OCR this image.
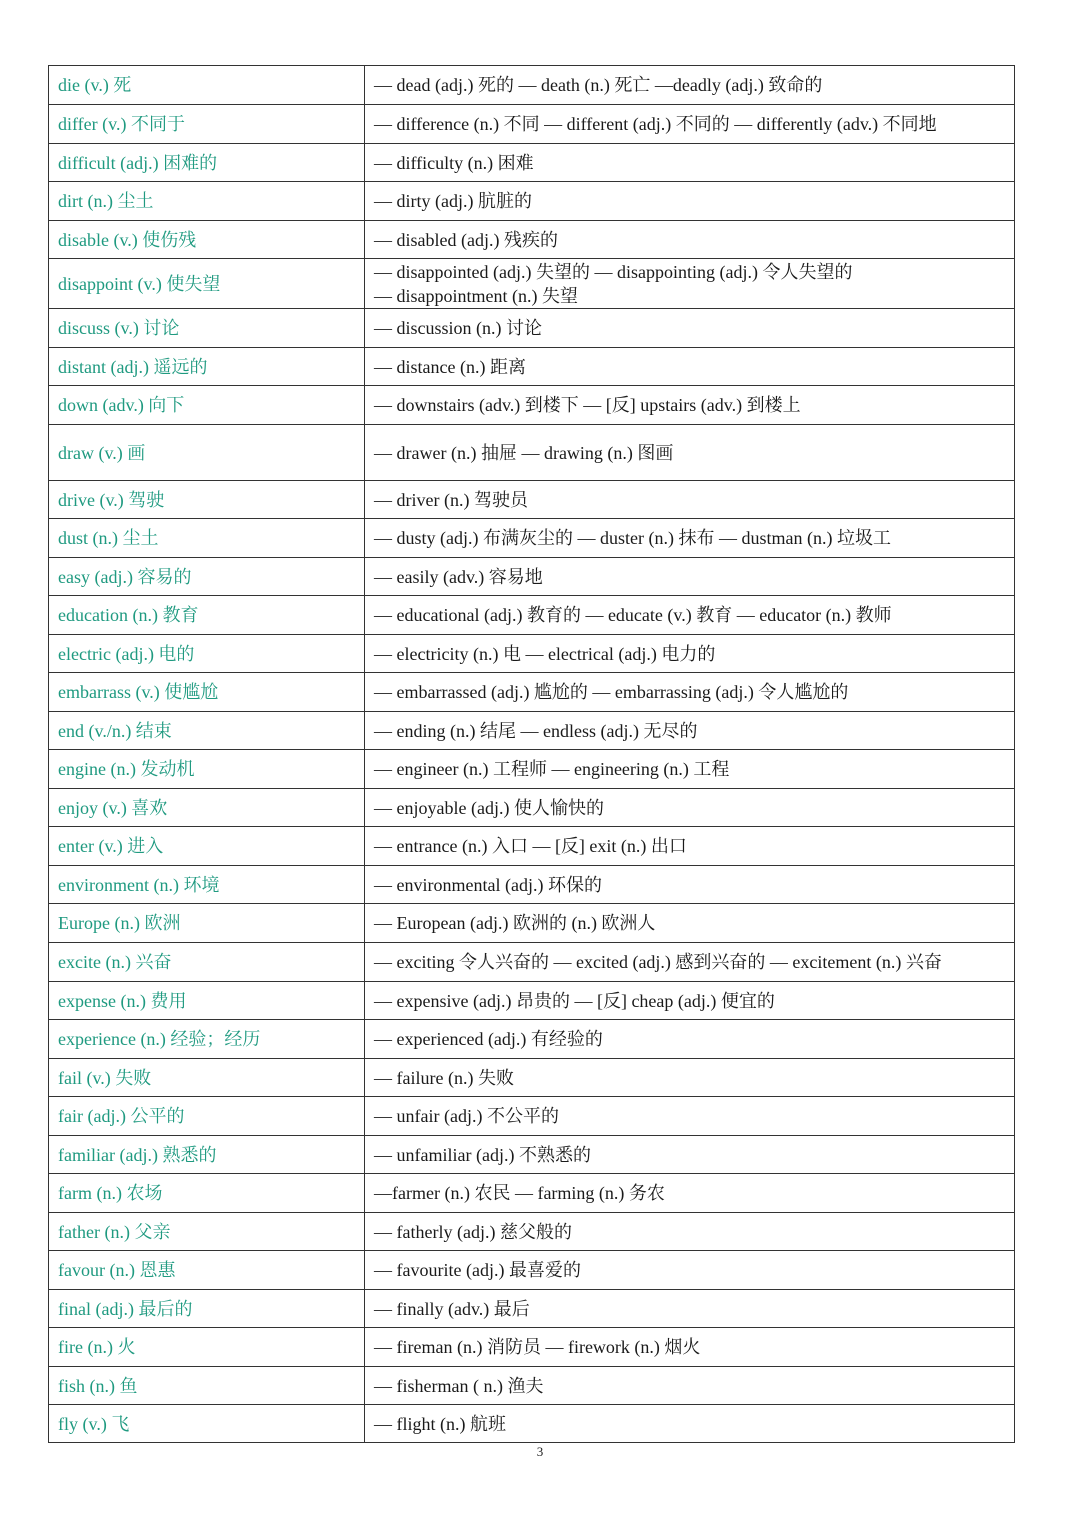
die (v.) 死	— dead (adj.) 死的 — death (n.) 死亡 —deadly (adj.) 致命的

differ (v.) 不同于	— difference (n.) 不同 — different (adj.) 不同的 — differently (adv.) 不同地

difficult (adj.) 困难的	— difficulty (n.) 困难

dirt (n.) 尘土	— dirty (adj.) 肮脏的

disable (v.) 使伤残	— disabled (adj.) 残疾的

disappoint (v.) 使失望	— disappointed (adj.) 失望的 — disappointing (adj.) 令人失望的
— disappointment (n.) 失望

discuss (v.) 讨论	— discussion (n.) 讨论

distant (adj.) 遥远的	— distance (n.) 距离

down (adv.) 向下	— downstairs (adv.) 到楼下 — [反] upstairs (adv.) 到楼上

draw (v.) 画	— drawer (n.) 抽屉 — drawing (n.) 图画

drive (v.) 驾驶	— driver (n.) 驾驶员

dust (n.) 尘土	— dusty (adj.) 布满灰尘的 — duster (n.) 抹布 — dustman (n.) 垃圾工

easy (adj.) 容易的	— easily (adv.) 容易地

education (n.) 教育	— educational (adj.) 教育的 — educate (v.) 教育 — educator (n.) 教师

electric (adj.) 电的	— electricity (n.) 电 — electrical (adj.) 电力的

embarrass (v.) 使尴尬	— embarrassed (adj.) 尴尬的 — embarrassing (adj.) 令人尴尬的

end (v./n.) 结束	— ending (n.) 结尾 — endless (adj.) 无尽的

engine (n.) 发动机	— engineer (n.) 工程师 — engineering (n.) 工程

enjoy (v.) 喜欢	— enjoyable (adj.) 使人愉快的

enter (v.) 进入	— entrance (n.) 入口 — [反] exit (n.) 出口

environment (n.) 环境	— environmental (adj.) 环保的

Europe (n.) 欧洲	— European (adj.) 欧洲的 (n.) 欧洲人

excite (n.) 兴奋	— exciting 令人兴奋的 — excited (adj.) 感到兴奋的 — excitement (n.) 兴奋

expense (n.) 费用	— expensive (adj.) 昂贵的 — [反] cheap (adj.) 便宜的

experience (n.) 经验；经历	— experienced (adj.) 有经验的

fail (v.) 失败	— failure (n.) 失败

fair (adj.) 公平的	— unfair (adj.) 不公平的

familiar (adj.) 熟悉的	— unfamiliar (adj.) 不熟悉的

farm (n.) 农场	—farmer (n.) 农民 — farming (n.) 务农

father (n.) 父亲	— fatherly (adj.) 慈父般的

favour (n.) 恩惠	— favourite (adj.) 最喜爱的

final (adj.) 最后的	— finally (adv.) 最后

fire (n.) 火	— fireman (n.) 消防员 — firework (n.) 烟火

fish (n.) 鱼	— fisherman ( n.) 渔夫

fly (v.) 飞	— flight (n.) 航班
3
